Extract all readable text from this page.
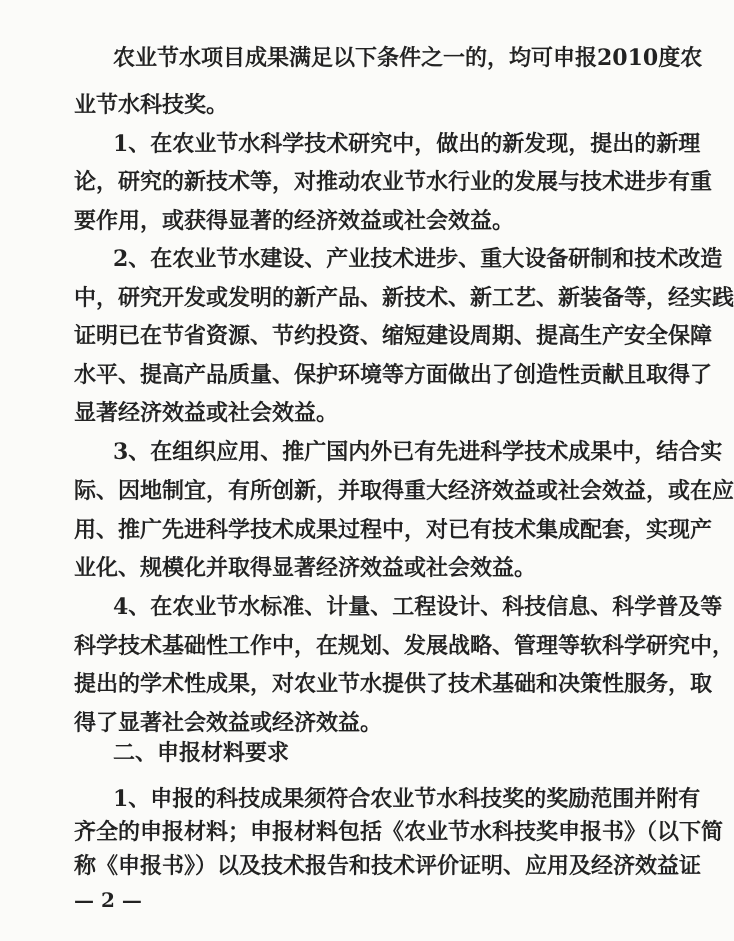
农业节水项目成果满足以下条件之一的，均可申报2010度农
业节水科技奖。
1、在农业节水科学技术研究中，做出的新发现，提出的新理
论，研究的新技术等，对推动农业节水行业的发展与技术进步有重
要作用，或获得显著的经济效益或社会效益。
2、在农业节水建设、产业技术进步、重大设备研制和技术改造
中，研究开发或发明的新产品、新技术、新工艺、新装备等，经实践
证明已在节省资源、节约投资、缩短建设周期、提高生产安全保障
水平、提高产品质量、保护环境等方面做出了创造性贡献且取得了
显著经济效益或社会效益。
3、在组织应用、推广国内外已有先进科学技术成果中，结合实
际、因地制宜，有所创新，并取得重大经济效益或社会效益，或在应
用、推广先进科学技术成果过程中，对已有技术集成配套，实现产
业化、规模化并取得显著经济效益或社会效益。
4、在农业节水标准、计量、工程设计、科技信息、科学普及等
科学技术基础性工作中，在规划、发展战略、管理等软科学研究中，
提出的学术性成果，对农业节水提供了技术基础和决策性服务，取
得了显著社会效益或经济效益。
二、申报材料要求
1、申报的科技成果须符合农业节水科技奖的奖励范围并附有
齐全的申报材料；申报材料包括《农业节水科技奖申报书》（以下简
称《申报书》）以及技术报告和技术评价证明、应用及经济效益证
— 2 —
